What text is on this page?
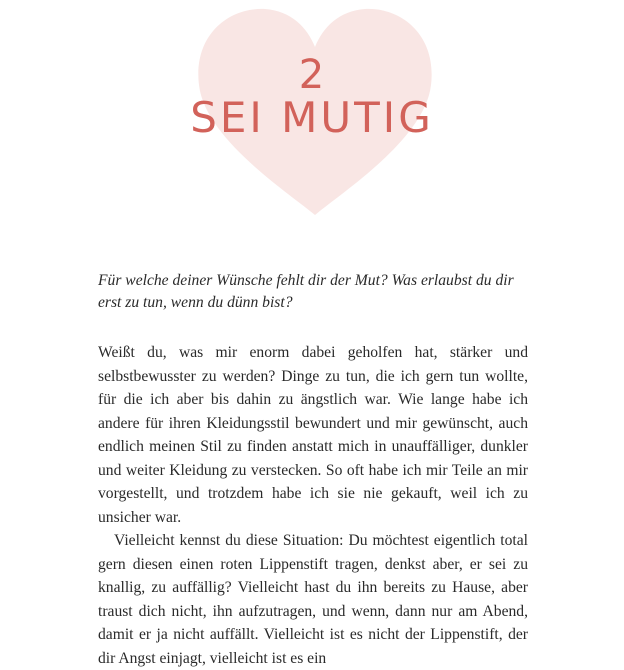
2
SEI MUTIG

Für welche deiner Wünsche fehlt dir der Mut? Was erlaubst du dir erst zu tun, wenn du dünn bist?

Weißt du, was mir enorm dabei geholfen hat, stärker und selbstbewusster zu werden? Dinge zu tun, die ich gern tun wollte, für die ich aber bis dahin zu ängstlich war. Wie lange habe ich andere für ihren Kleidungsstil bewundert und mir gewünscht, auch endlich meinen Stil zu finden anstatt mich in unauffälliger, dunkler und weiter Kleidung zu verstecken. So oft habe ich mir Teile an mir vorgestellt, und trotzdem habe ich sie nie gekauft, weil ich zu unsicher war.

Vielleicht kennst du diese Situation: Du möchtest eigentlich total gern diesen einen roten Lippenstift tragen, denkst aber, er sei zu knallig, zu auffällig? Vielleicht hast du ihn bereits zu Hause, aber traust dich nicht, ihn aufzutragen, und wenn, dann nur am Abend, damit er ja nicht auffällt. Vielleicht ist es nicht der Lippenstift, der dir Angst einjagt, vielleicht ist es ein
